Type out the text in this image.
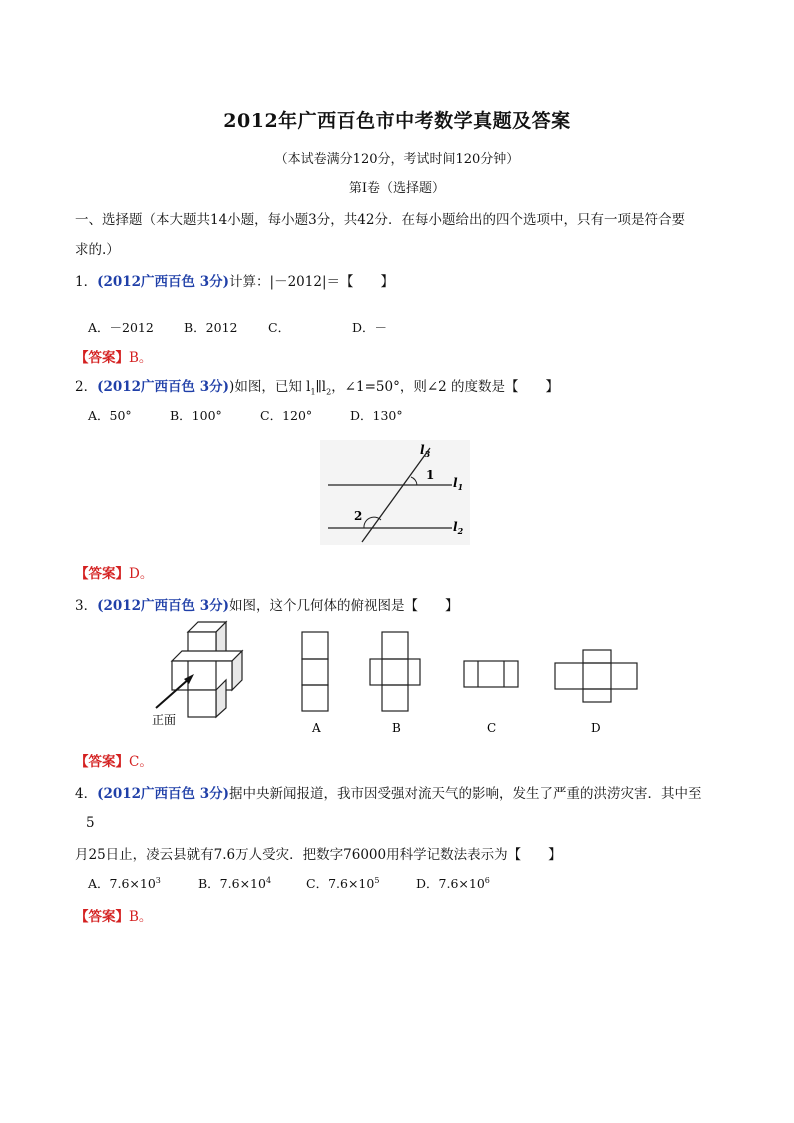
2012年广西百色市中考数学真题及答案
（本试卷满分120分，考试时间120分钟）
第Ⅰ卷（选择题）
一、选择题（本大题共14小题，每小题3分，共42分．在每小题给出的四个选项中，只有一项是符合要
求的.）
1．(2012广西百色 3分)计算：|－2012|＝【　　】
A．－2012 B．2012 C．	D．－
【答案】B。
2．(2012广西百色 3分))如图，已知 $l_1\parallel l_2$，∠1=50°，则∠2 的度数是【　　】
A．50°	B．100°	C．120°	D．130°
$l_3$
1
$l_1$
2
$l_2$
【答案】D。
3．(2012广西百色 3分)如图，这个几何体的俯视图是【　　】
正面
A	B	C	D
【答案】C。
4．(2012广西百色 3分)据中央新闻报道，我市因受强对流天气的影响，发生了严重的洪涝灾害．其中至
5
月25日止，凌云县就有7.6万人受灾．把数字76000用科学记数法表示为【　　】
A．$7.6\times 10^3$	B．$7.6\times 10^4$	C．$7.6\times 10^5$	D．$7.6\times 10^6$
【答案】B。
